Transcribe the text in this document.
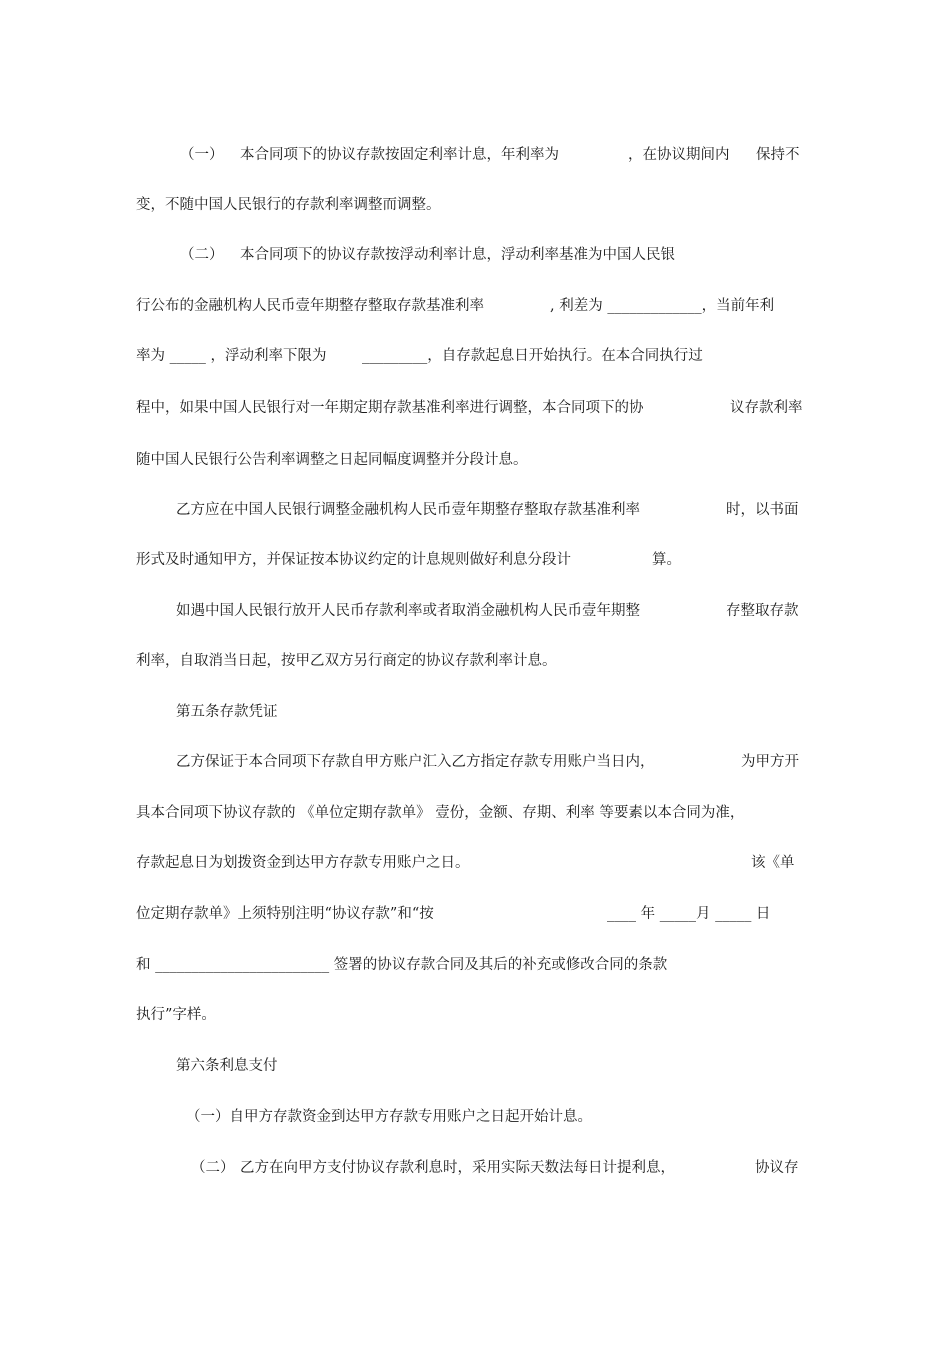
（一） 本合同项下的协议存款按固定利率计息，年利率为	，在协议期间内 保持不
变，不随中国人民银行的存款利率调整而调整。
（二） 本合同项下的协议存款按浮动利率计息，浮动利率基准为中国人民银
行公布的金融机构人民币壹年期整存整取存款基准利率	, 利差为 _____________，当前年利
率为 _____ ，浮动利率下限为 _________，自存款起息日开始执行。在本合同执行过
程中，如果中国人民银行对一年期定期存款基准利率进行调整，本合同项下的协	议存款利率
随中国人民银行公告利率调整之日起同幅度调整并分段计息。
乙方应在中国人民银行调整金融机构人民币壹年期整存整取存款基准利率	时，以书面
形式及时通知甲方，并保证按本协议约定的计息规则做好利息分段计	算。
如遇中国人民银行放开人民币存款利率或者取消金融机构人民币壹年期整	存整取存款
利率，自取消当日起，按甲乙双方另行商定的协议存款利率计息。
第五条存款凭证
乙方保证于本合同项下存款自甲方账户汇入乙方指定存款专用账户当日内，	为甲方开
具本合同项下协议存款的 《单位定期存款单》 壹份，金额、存期、利率 等要素以本合同为准，
存款起息日为划拨资金到达甲方存款专用账户之日。	该《单
位定期存款单》上须特别注明“协议存款”和“按	____ 年 _____月 _____ 日
和 ________________________ 签署的协议存款合同及其后的补充或修改合同的条款
执行”字样。
第六条利息支付
（一）自甲方存款资金到达甲方存款专用账户之日起开始计息。
（二） 乙方在向甲方支付协议存款利息时，采用实际天数法每日计提利息，	协议存
